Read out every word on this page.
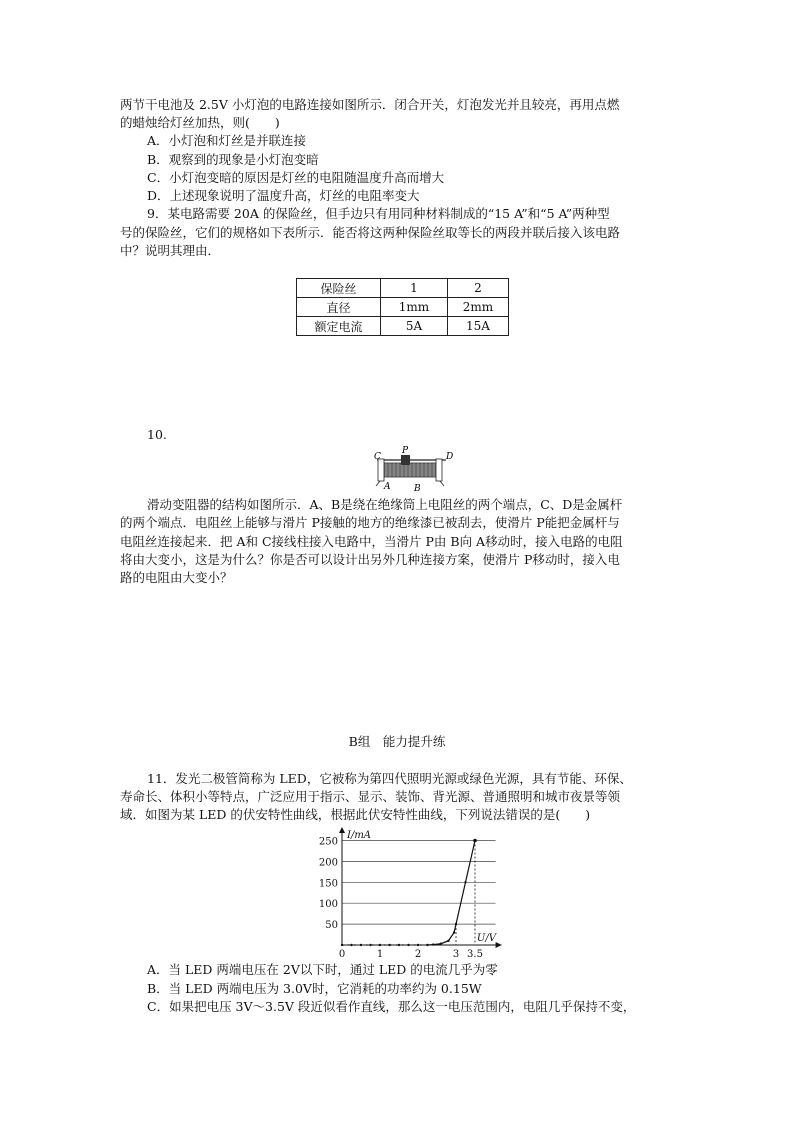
两节干电池及 2.5V 小灯泡的电路连接如图所示．闭合开关，灯泡发光并且较亮，再用点燃
的蜡烛给灯丝加热，则(　　)
A．小灯泡和灯丝是并联连接
B．观察到的现象是小灯泡变暗
C．小灯泡变暗的原因是灯丝的电阻随温度升高而增大
D．上述现象说明了温度升高，灯丝的电阻率变大
9．某电路需要 20A 的保险丝，但手边只有用同种材料制成的“15 A”和“5 A”两种型
号的保险丝，它们的规格如下表所示．能否将这两种保险丝取等长的两段并联后接入该电路
中？说明其理由．
保险丝	1	2
直径	1mm	2mm
额定电流	5A	15A
10.
C
P
D
A	B
滑动变阻器的结构如图所示．A、B是绕在绝缘筒上电阻丝的两个端点，C、D是金属杆
的两个端点．电阻丝上能够与滑片 P接触的地方的绝缘漆已被刮去，使滑片 P能把金属杆与
电阻丝连接起来．把 A和 C接线柱接入电路中，当滑片 P由 B向 A移动时，接入电路的电阻
将由大变小，这是为什么？你是否可以设计出另外几种连接方案，使滑片 P移动时，接入电
路的电阻由大变小？
B组　能力提升练
11．发光二极管简称为 LED，它被称为第四代照明光源或绿色光源，具有节能、环保、
寿命长、体积小等特点，广泛应用于指示、显示、装饰、背光源、普通照明和城市夜景等领
域．如图为某 LED 的伏安特性曲线，根据此伏安特性曲线，下列说法错误的是(　　)
I/mA
U/V
50
100
150
200
250
0	1	2	3 3.5
A．当 LED 两端电压在 2V以下时，通过 LED 的电流几乎为零
B．当 LED 两端电压为 3.0V时，它消耗的功率约为 0.15W
C．如果把电压 3V～3.5V 段近似看作直线，那么这一电压范围内，电阻几乎保持不变，
